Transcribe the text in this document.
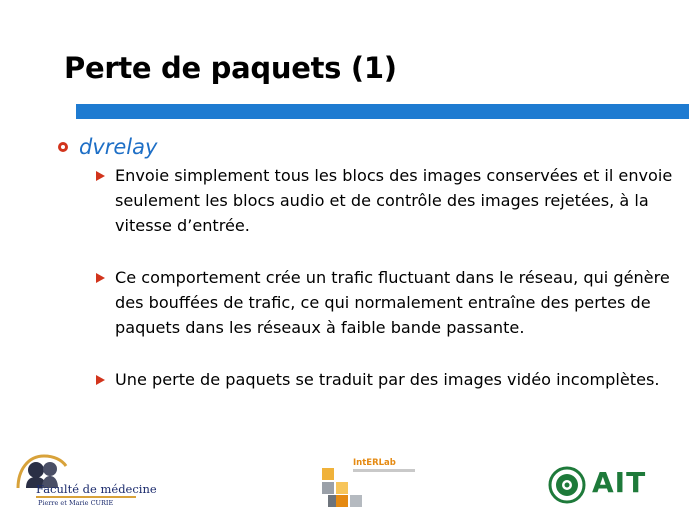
Perte de paquets (1)
dvrelay
Envoie simplement tous les blocs des images conservées et il envoie seulement les blocs audio et de contrôle des images rejetées, à la vitesse d’entrée.
Ce comportement crée un trafic fluctuant dans le réseau, qui génère des bouffées de trafic, ce qui normalement entraîne des pertes de paquets dans les réseaux à faible bande passante.
Une perte de paquets se traduit par des images vidéo incomplètes.
Faculté de médecine
Pierre et Marie CURIE
IntERLab
AIT
